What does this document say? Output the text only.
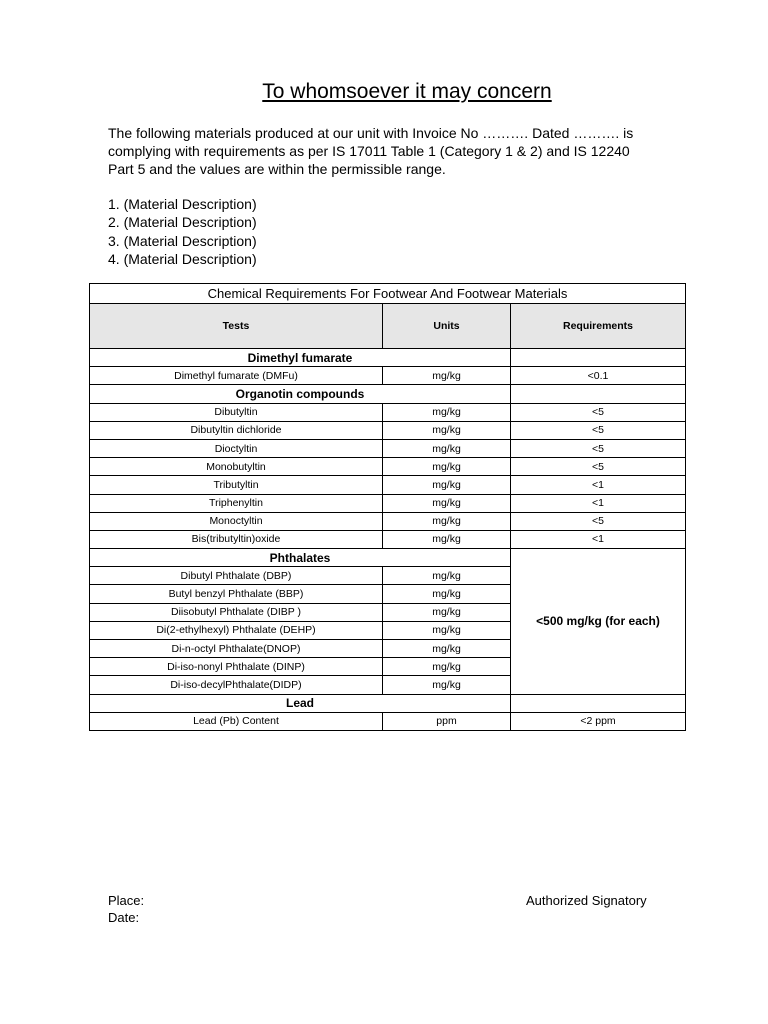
To whomsoever it may concern
The following materials produced at our unit with Invoice No ………. Dated ………. is complying with requirements as per IS 17011 Table 1 (Category 1 & 2) and IS 12240 Part 5 and the values are within the permissible range.
1. (Material Description)
2. (Material Description)
3. (Material Description)
4. (Material Description)
Chemical Requirements For Footwear And Footwear Materials		
Tests	Units	Requirements
Dimethyl fumarate		
Dimethyl fumarate (DMFu)	mg/kg	<0.1
Organotin compounds		
Dibutyltin	mg/kg	<5
Dibutyltin dichloride	mg/kg	<5
Dioctyltin	mg/kg	<5
Monobutyltin	mg/kg	<5
Tributyltin	mg/kg	<1
Triphenyltin	mg/kg	<1
Monoctyltin	mg/kg	<5
Bis(tributyltin)oxide	mg/kg	<1
Phthalates		<500 mg/kg (for each)
Dibutyl Phthalate (DBP)	mg/kg	
Butyl benzyl Phthalate (BBP)	mg/kg	
Diisobutyl Phthalate (DIBP )	mg/kg	
Di(2-ethylhexyl) Phthalate (DEHP)	mg/kg	
Di-n-octyl Phthalate(DNOP)	mg/kg	
Di-iso-nonyl Phthalate (DINP)	mg/kg	
Di-iso-decylPhthalate(DIDP)	mg/kg	
Lead		
Lead (Pb) Content	ppm	<2 ppm
Place:
Date:
Authorized Signatory
